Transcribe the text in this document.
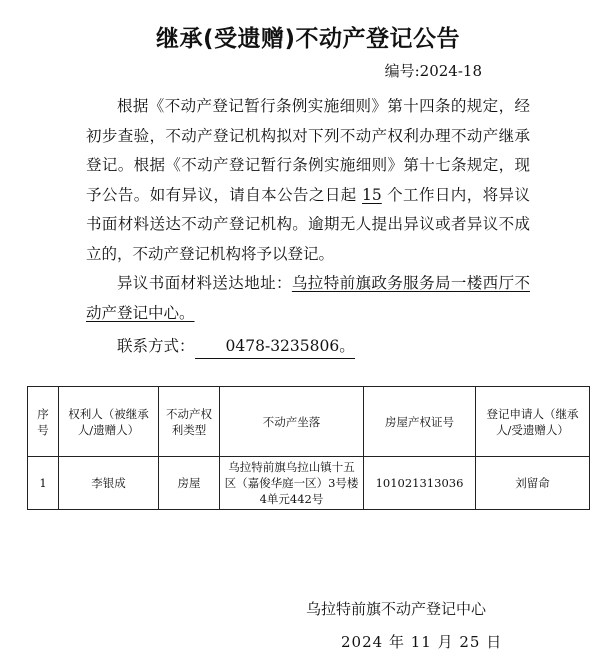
继承(受遗赠)不动产登记公告
编号:2024-18

根据《不动产登记暂行条例实施细则》第十四条的规定，经初步查验，不动产登记机构拟对下列不动产权利办理不动产继承登记。根据《不动产登记暂行条例实施细则》第十七条规定，现予公告。如有异议，请自本公告之日起 15 个工作日内，将异议书面材料送达不动产登记机构。逾期无人提出异议或者异议不成立的，不动产登记机构将予以登记。

异议书面材料送达地址：乌拉特前旗政务服务局一楼西厅不动产登记中心。

联系方式： 0478-3235806。

序号	权利人（被继承人/遗赠人）	不动产权利类型	不动产坐落	房屋产权证号	登记申请人（继承人/受遗赠人）
1	李银成	房屋	乌拉特前旗乌拉山镇十五区（嘉俊华庭一区）3号楼4单元442号	101021313036	刘留命
乌拉特前旗不动产登记中心
2024 年 11 月 25 日
